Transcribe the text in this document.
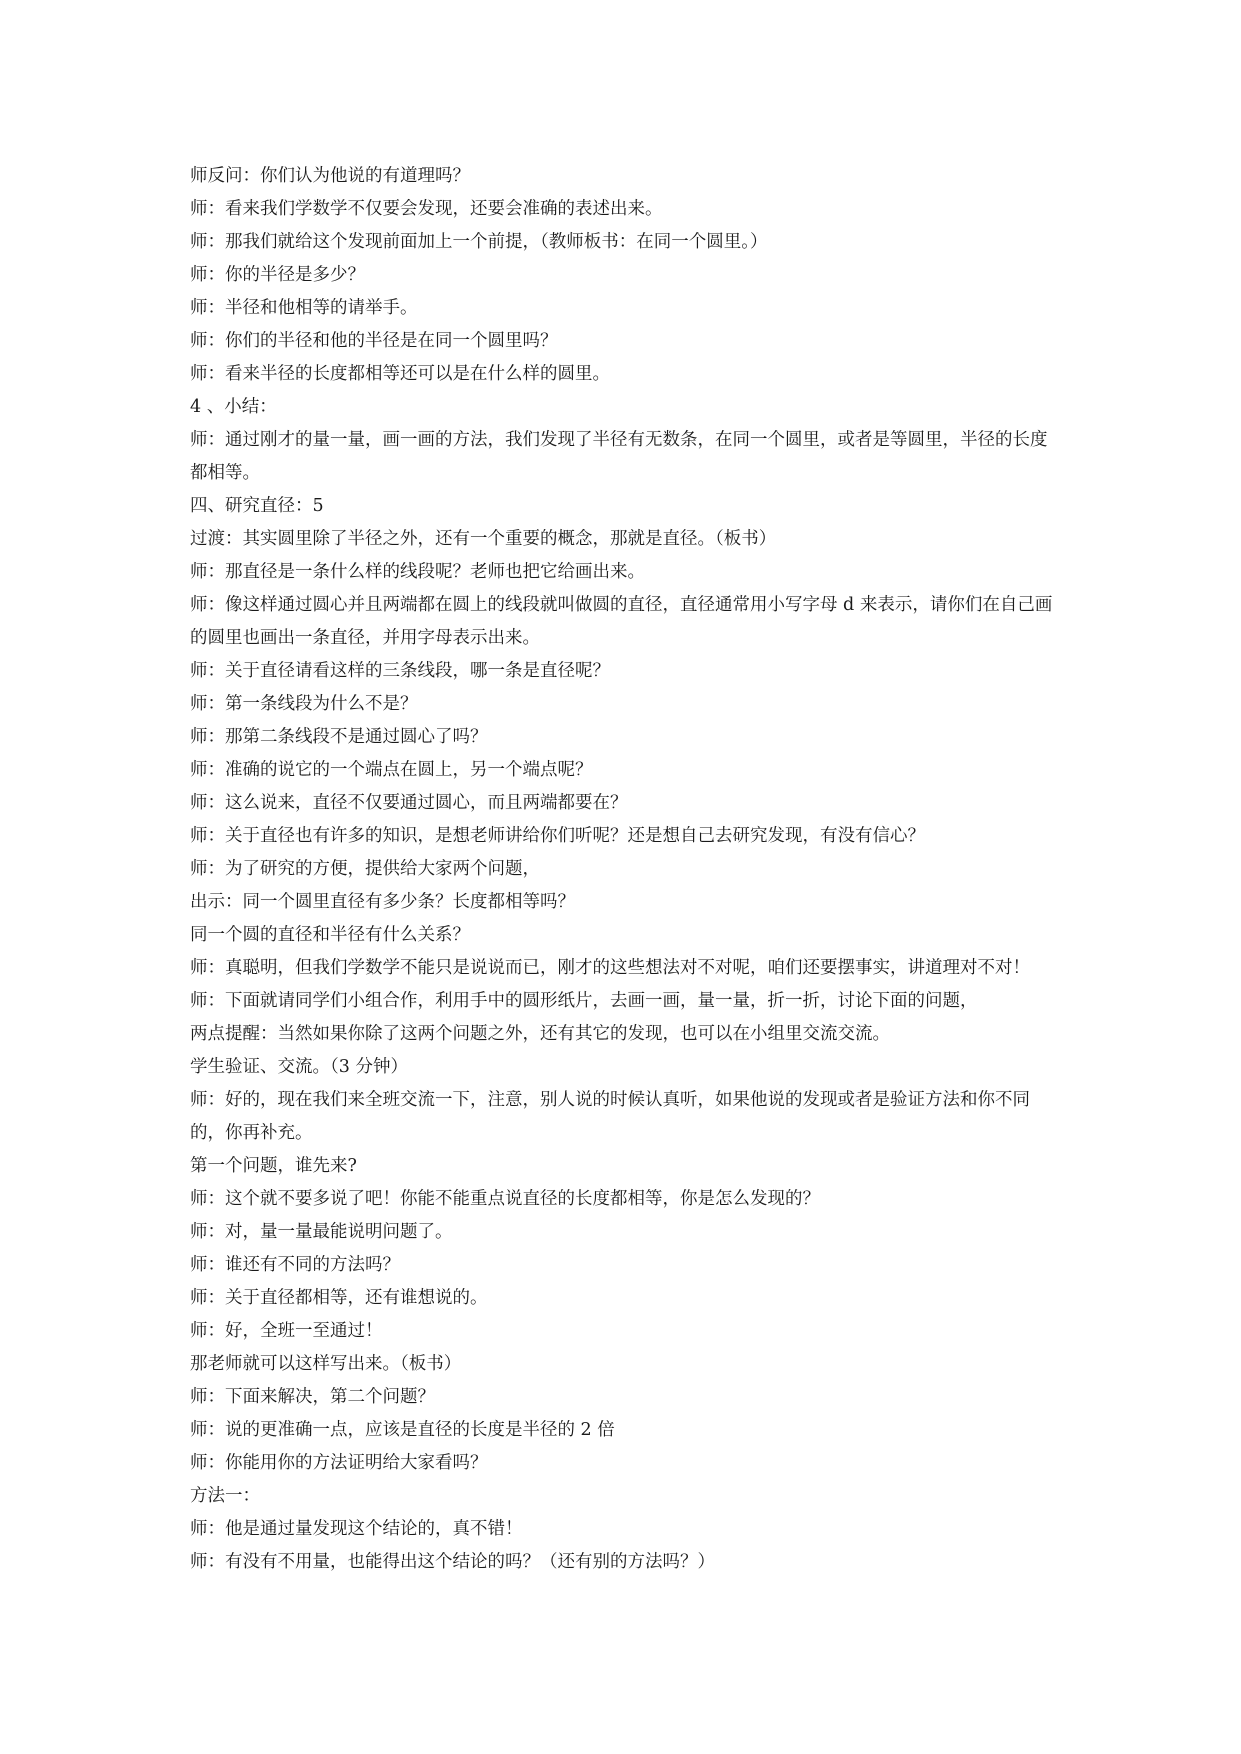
师反问：你们认为他说的有道理吗？

师：看来我们学数学不仅要会发现，还要会准确的表述出来。

师：那我们就给这个发现前面加上一个前提，（教师板书：在同一个圆里。）

师：你的半径是多少？

师：半径和他相等的请举手。

师：你们的半径和他的半径是在同一个圆里吗？

师：看来半径的长度都相等还可以是在什么样的圆里。

4 、小结：

师：通过刚才的量一量，画一画的方法，我们发现了半径有无数条，在同一个圆里，或者是等圆里，半径的长度都相等。

四、研究直径：5

过渡：其实圆里除了半径之外，还有一个重要的概念，那就是直径。（板书）

师：那直径是一条什么样的线段呢？老师也把它给画出来。

师：像这样通过圆心并且两端都在圆上的线段就叫做圆的直径，直径通常用小写字母 d 来表示，请你们在自己画的圆里也画出一条直径，并用字母表示出来。

师：关于直径请看这样的三条线段，哪一条是直径呢？

师：第一条线段为什么不是？

师：那第二条线段不是通过圆心了吗？

师：准确的说它的一个端点在圆上，另一个端点呢？

师：这么说来，直径不仅要通过圆心，而且两端都要在？

师：关于直径也有许多的知识，是想老师讲给你们听呢？还是想自己去研究发现，有没有信心？

师：为了研究的方便，提供给大家两个问题，

出示：同一个圆里直径有多少条？长度都相等吗？

同一个圆的直径和半径有什么关系？

师：真聪明，但我们学数学不能只是说说而已，刚才的这些想法对不对呢，咱们还要摆事实，讲道理对不对！

师：下面就请同学们小组合作，利用手中的圆形纸片，去画一画，量一量，折一折，讨论下面的问题，

两点提醒：当然如果你除了这两个问题之外，还有其它的发现，也可以在小组里交流交流。

学生验证、交流。（3 分钟）

师：好的，现在我们来全班交流一下，注意，别人说的时候认真听，如果他说的发现或者是验证方法和你不同的，你再补充。

第一个问题，谁先来?

师：这个就不要多说了吧！你能不能重点说直径的长度都相等，你是怎么发现的？

师：对，量一量最能说明问题了。

师：谁还有不同的方法吗？

师：关于直径都相等，还有谁想说的。

师：好，全班一至通过！

那老师就可以这样写出来。（板书）

师：下面来解决，第二个问题？

师：说的更准确一点，应该是直径的长度是半径的 2 倍

师：你能用你的方法证明给大家看吗？

方法一：

师：他是通过量发现这个结论的，真不错！

师：有没有不用量，也能得出这个结论的吗？（还有别的方法吗？）
